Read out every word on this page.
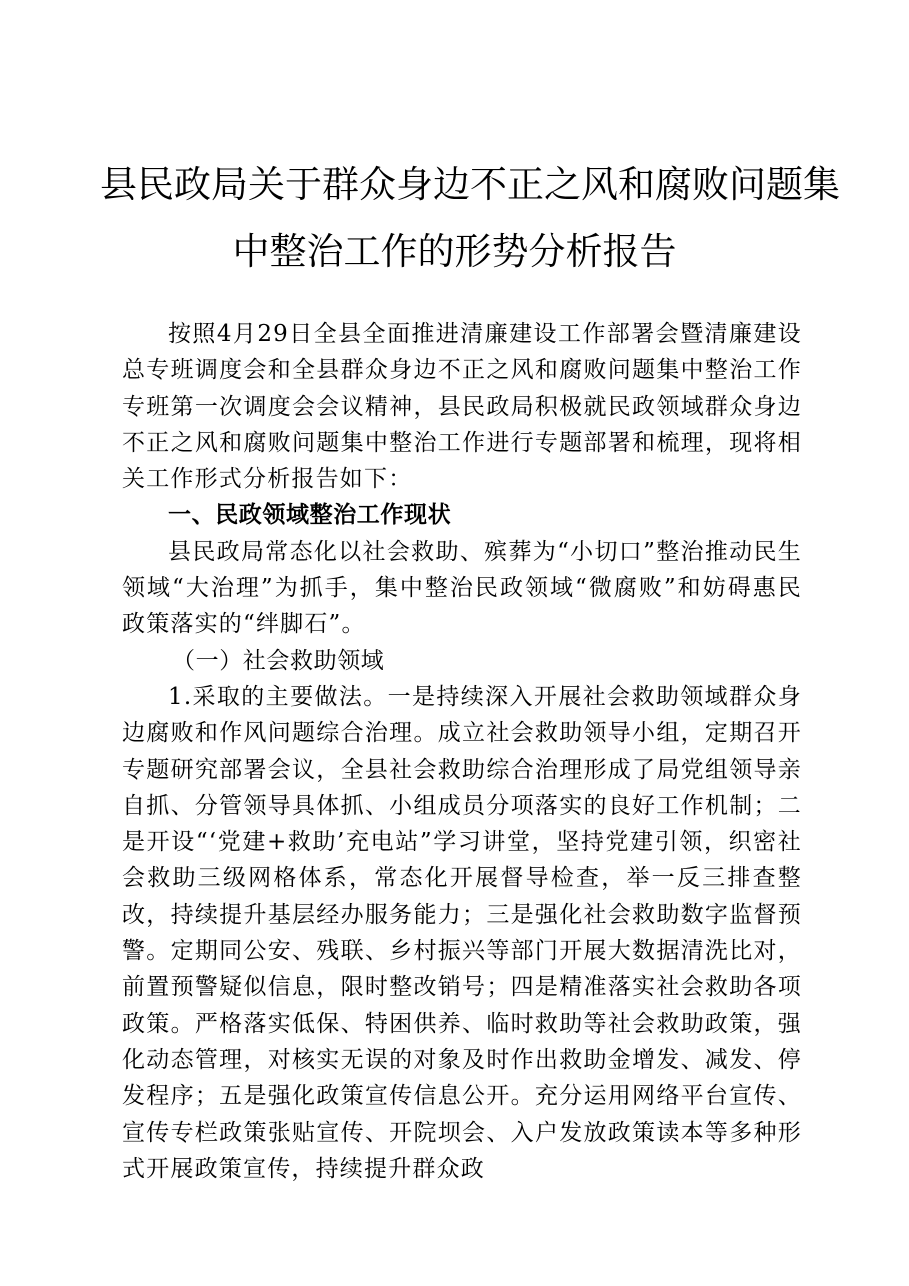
县民政局关于群众身边不正之风和腐败问题集
中整治工作的形势分析报告

按照4月29日全县全面推进清廉建设工作部署会暨清廉建设总专班调度会和全县群众身边不正之风和腐败问题集中整治工作专班第一次调度会会议精神，县民政局积极就民政领域群众身边不正之风和腐败问题集中整治工作进行专题部署和梳理，现将相关工作形式分析报告如下：

一、民政领域整治工作现状

县民政局常态化以社会救助、殡葬为“小切口”整治推动民生领域“大治理”为抓手，集中整治民政领域“微腐败”和妨碍惠民政策落实的“绊脚石”。

（一）社会救助领域

1.采取的主要做法。一是持续深入开展社会救助领域群众身边腐败和作风问题综合治理。成立社会救助领导小组，定期召开专题研究部署会议，全县社会救助综合治理形成了局党组领导亲自抓、分管领导具体抓、小组成员分项落实的良好工作机制；二是开设“‘党建+救助’充电站”学习讲堂，坚持党建引领，织密社会救助三级网格体系，常态化开展督导检查，举一反三排查整改，持续提升基层经办服务能力；三是强化社会救助数字监督预警。定期同公安、残联、乡村振兴等部门开展大数据清洗比对，前置预警疑似信息，限时整改销号；四是精准落实社会救助各项政策。严格落实低保、特困供养、临时救助等社会救助政策，强化动态管理，对核实无误的对象及时作出救助金增发、减发、停发程序；五是强化政策宣传信息公开。充分运用网络平台宣传、宣传专栏政策张贴宣传、开院坝会、入户发放政策读本等多种形式开展政策宣传，持续提升群众政
